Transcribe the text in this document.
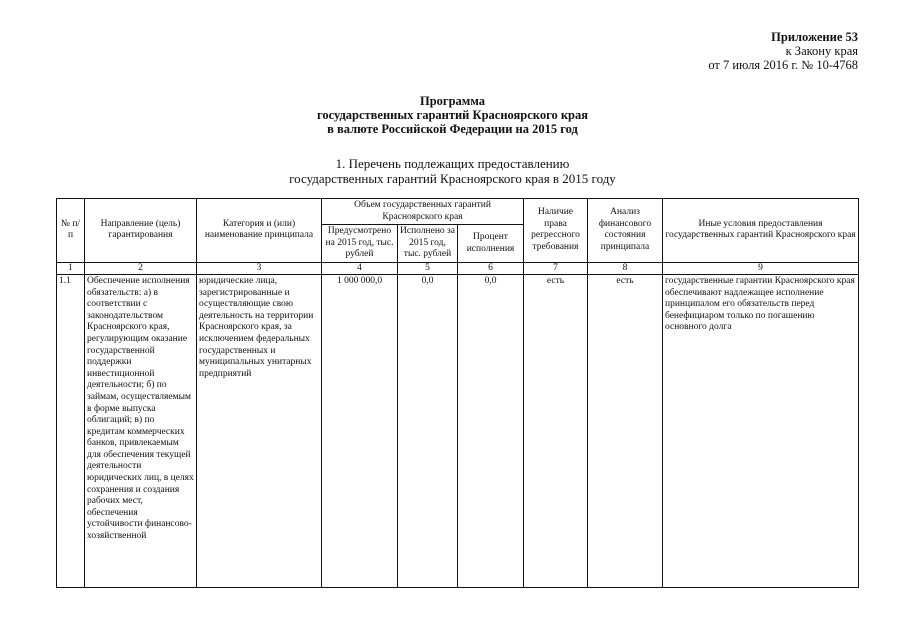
Приложение 53
к Закону края
от 7 июля 2016 г. № 10-4768
Программа
государственных гарантий Красноярского края
в валюте Российской Федерации на 2015 год
1. Перечень подлежащих предоставлению
государственных гарантий Красноярского края в 2015 году
№ п/п	Направление (цель) гарантирования	Категория и (или) наименование принципала	Объем государственных гарантий Красноярского края			Наличие права регрессного требования	Анализ финансового состояния принципала	Иные условия предоставления государственных гарантий Красноярского края
			Предусмотрено на 2015 год, тыс. рублей	Исполнено за 2015 год, тыс. рублей	Процент исполнения			
1	2	3	4	5	6	7	8	9
1.1	Обеспечение исполнения обязательств: а) в соответствии с законодательством Красноярского края, регулирующим оказание государственной поддержки инвестиционной деятельности; б) по займам, осуществляемым в форме выпуска облигаций; в) по кредитам коммерческих банков, привлекаемым для обеспечения текущей деятельности юридических лиц, в целях сохранения и создания рабочих мест, обеспечения устойчивости финансово-хозяйственной	юридические лица, зарегистрированные и осуществляющие свою деятельность на территории Красноярского края, за исключением федеральных государственных и муниципальных унитарных предприятий	1 000 000,0	0,0	0,0	есть	есть	государственные гарантии Красноярского края обеспечивают надлежащее исполнение принципалом его обязательств перед бенефициаром только по погашению основного долга
